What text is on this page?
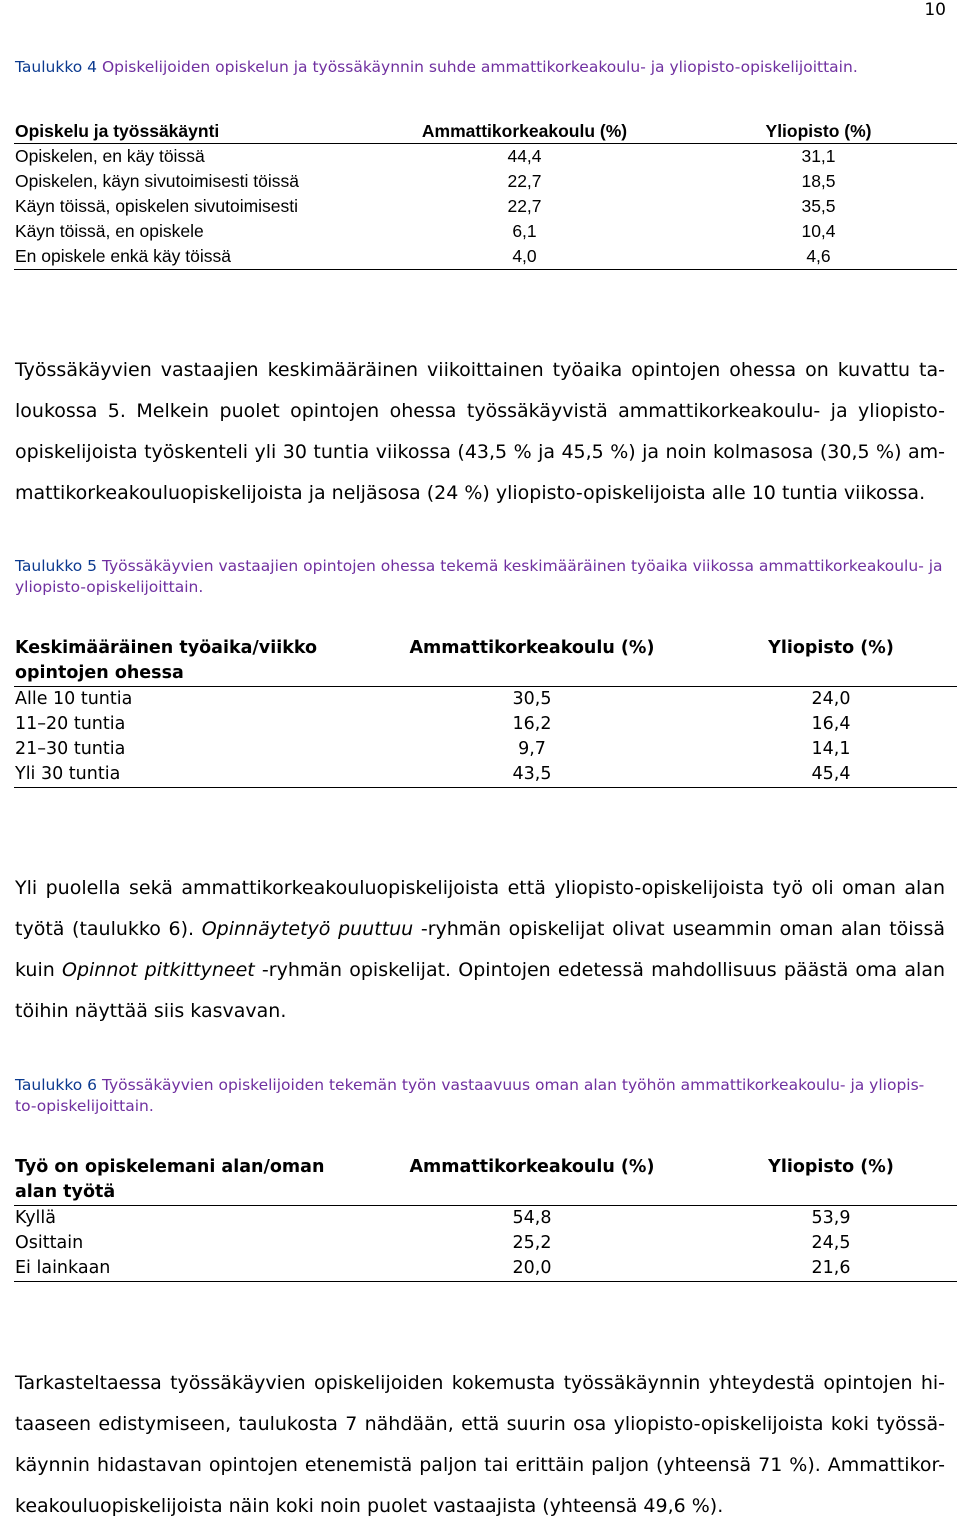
10
Taulukko 4 Opiskelijoiden opiskelun ja työssäkäynnin suhde ammattikorkeakoulu- ja yliopisto-opiskelijoittain.
Opiskelu ja työssäkäynti	Ammattikorkeakoulu (%)	Yliopisto (%)
Opiskelen, en käy töissä	44,4	31,1
Opiskelen, käyn sivutoimisesti töissä	22,7	18,5
Käyn töissä, opiskelen sivutoimisesti	22,7	35,5
Käyn töissä, en opiskele	6,1	10,4
En opiskele enkä käy töissä	4,0	4,6
Työssäkäyvien vastaajien keskimääräinen viikoittainen työaika opintojen ohessa on kuvattu ta-loukossa 5. Melkein puolet opintojen ohessa työssäkäyvistä ammattikorkeakoulu- ja yliopisto-opiskelijoista työskenteli yli 30 tuntia viikossa (43,5 % ja 45,5 %) ja noin kolmasosa (30,5 %) am-mattikorkeakouluopiskelijoista ja neljäsosa (24 %) yliopisto-opiskelijoista alle 10 tuntia viikossa.
Taulukko 5 Työssäkäyvien vastaajien opintojen ohessa tekemä keskimääräinen työaika viikossa ammattikorkeakoulu- ja yliopisto-opiskelijoittain.
Keskimääräinen työaika/viikko opintojen ohessa	Ammattikorkeakoulu (%)	Yliopisto (%)
Alle 10 tuntia	30,5	24,0
11–20 tuntia	16,2	16,4
21–30 tuntia	9,7	14,1
Yli 30 tuntia	43,5	45,4
Yli puolella sekä ammattikorkeakouluopiskelijoista että yliopisto-opiskelijoista työ oli oman alan työtä (taulukko 6). Opinnäytetyö puuttuu -ryhmän opiskelijat olivat useammin oman alan töissä kuin Opinnot pitkittyneet -ryhmän opiskelijat. Opintojen edetessä mahdollisuus päästä oma alan töihin näyttää siis kasvavan.
Taulukko 6 Työssäkäyvien opiskelijoiden tekemän työn vastaavuus oman alan työhön ammattikorkeakoulu- ja yliopis-to-opiskelijoittain.
Työ on opiskelemani alan/oman alan työtä	Ammattikorkeakoulu (%)	Yliopisto (%)
Kyllä	54,8	53,9
Osittain	25,2	24,5
Ei lainkaan	20,0	21,6
Tarkasteltaessa työssäkäyvien opiskelijoiden kokemusta työssäkäynnin yhteydestä opintojen hi-taaseen edistymiseen, taulukosta 7 nähdään, että suurin osa yliopisto-opiskelijoista koki työssä-käynnin hidastavan opintojen etenemistä paljon tai erittäin paljon (yhteensä 71 %). Ammattikor-keakouluopiskelijoista näin koki noin puolet vastaajista (yhteensä 49,6 %).
